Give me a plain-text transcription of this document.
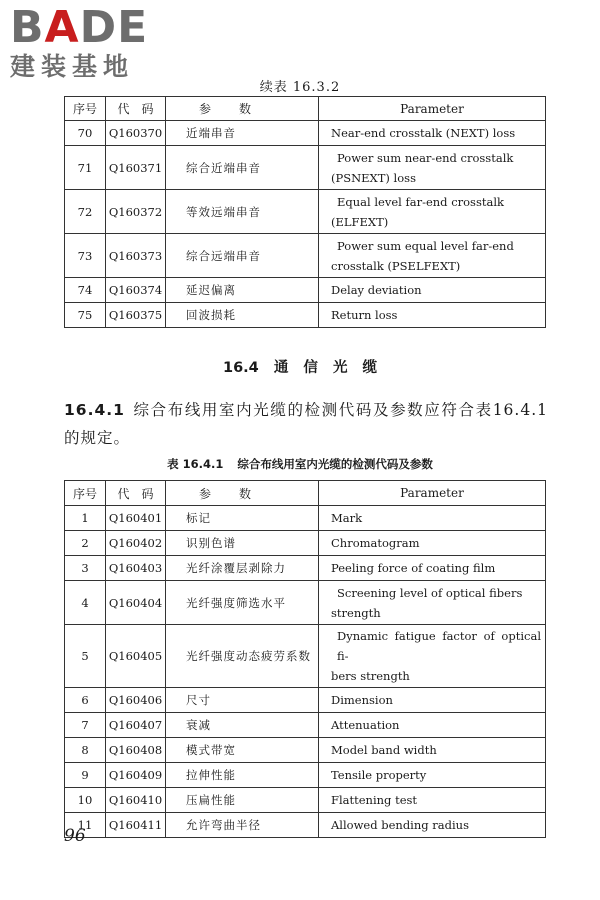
BADE
建装基地
续表 16.3.2
序号	代　码	参数	Parameter
70	Q160370	近端串音	Near-end crosstalk (NEXT) loss

71	Q160371	综合近端串音	Power sum near-end crosstalk
(PSNEXT) loss

72	Q160372	等效远端串音	Equal level far-end crosstalk
(ELFEXT)

73	Q160373	综合远端串音	Power sum equal level far-end
crosstalk (PSELFEXT)

74	Q160374	延迟偏离	Delay deviation

75	Q160375	回波损耗	Return loss
16.4 通 信 光 缆
16.4.1 综合布线用室内光缆的检测代码及参数应符合表16.4.1的规定。
表 16.4.1 综合布线用室内光缆的检测代码及参数
序号	代　码	参数	Parameter
1	Q160401	标记	Mark

2	Q160402	识别色谱	Chromatogram

3	Q160403	光纤涂覆层剥除力	Peeling force of coating film

4	Q160404	光纤强度筛选水平	Screening level of optical fibers
strength

5	Q160405	光纤强度动态疲劳系数	Dynamic fatigue factor of optical fi-
bers strength

6	Q160406	尺寸	Dimension

7	Q160407	衰减	Attenuation

8	Q160408	模式带宽	Model band width

9	Q160409	拉伸性能	Tensile property

10	Q160410	压扁性能	Flattening test

11	Q160411	允许弯曲半径	Allowed bending radius
96
